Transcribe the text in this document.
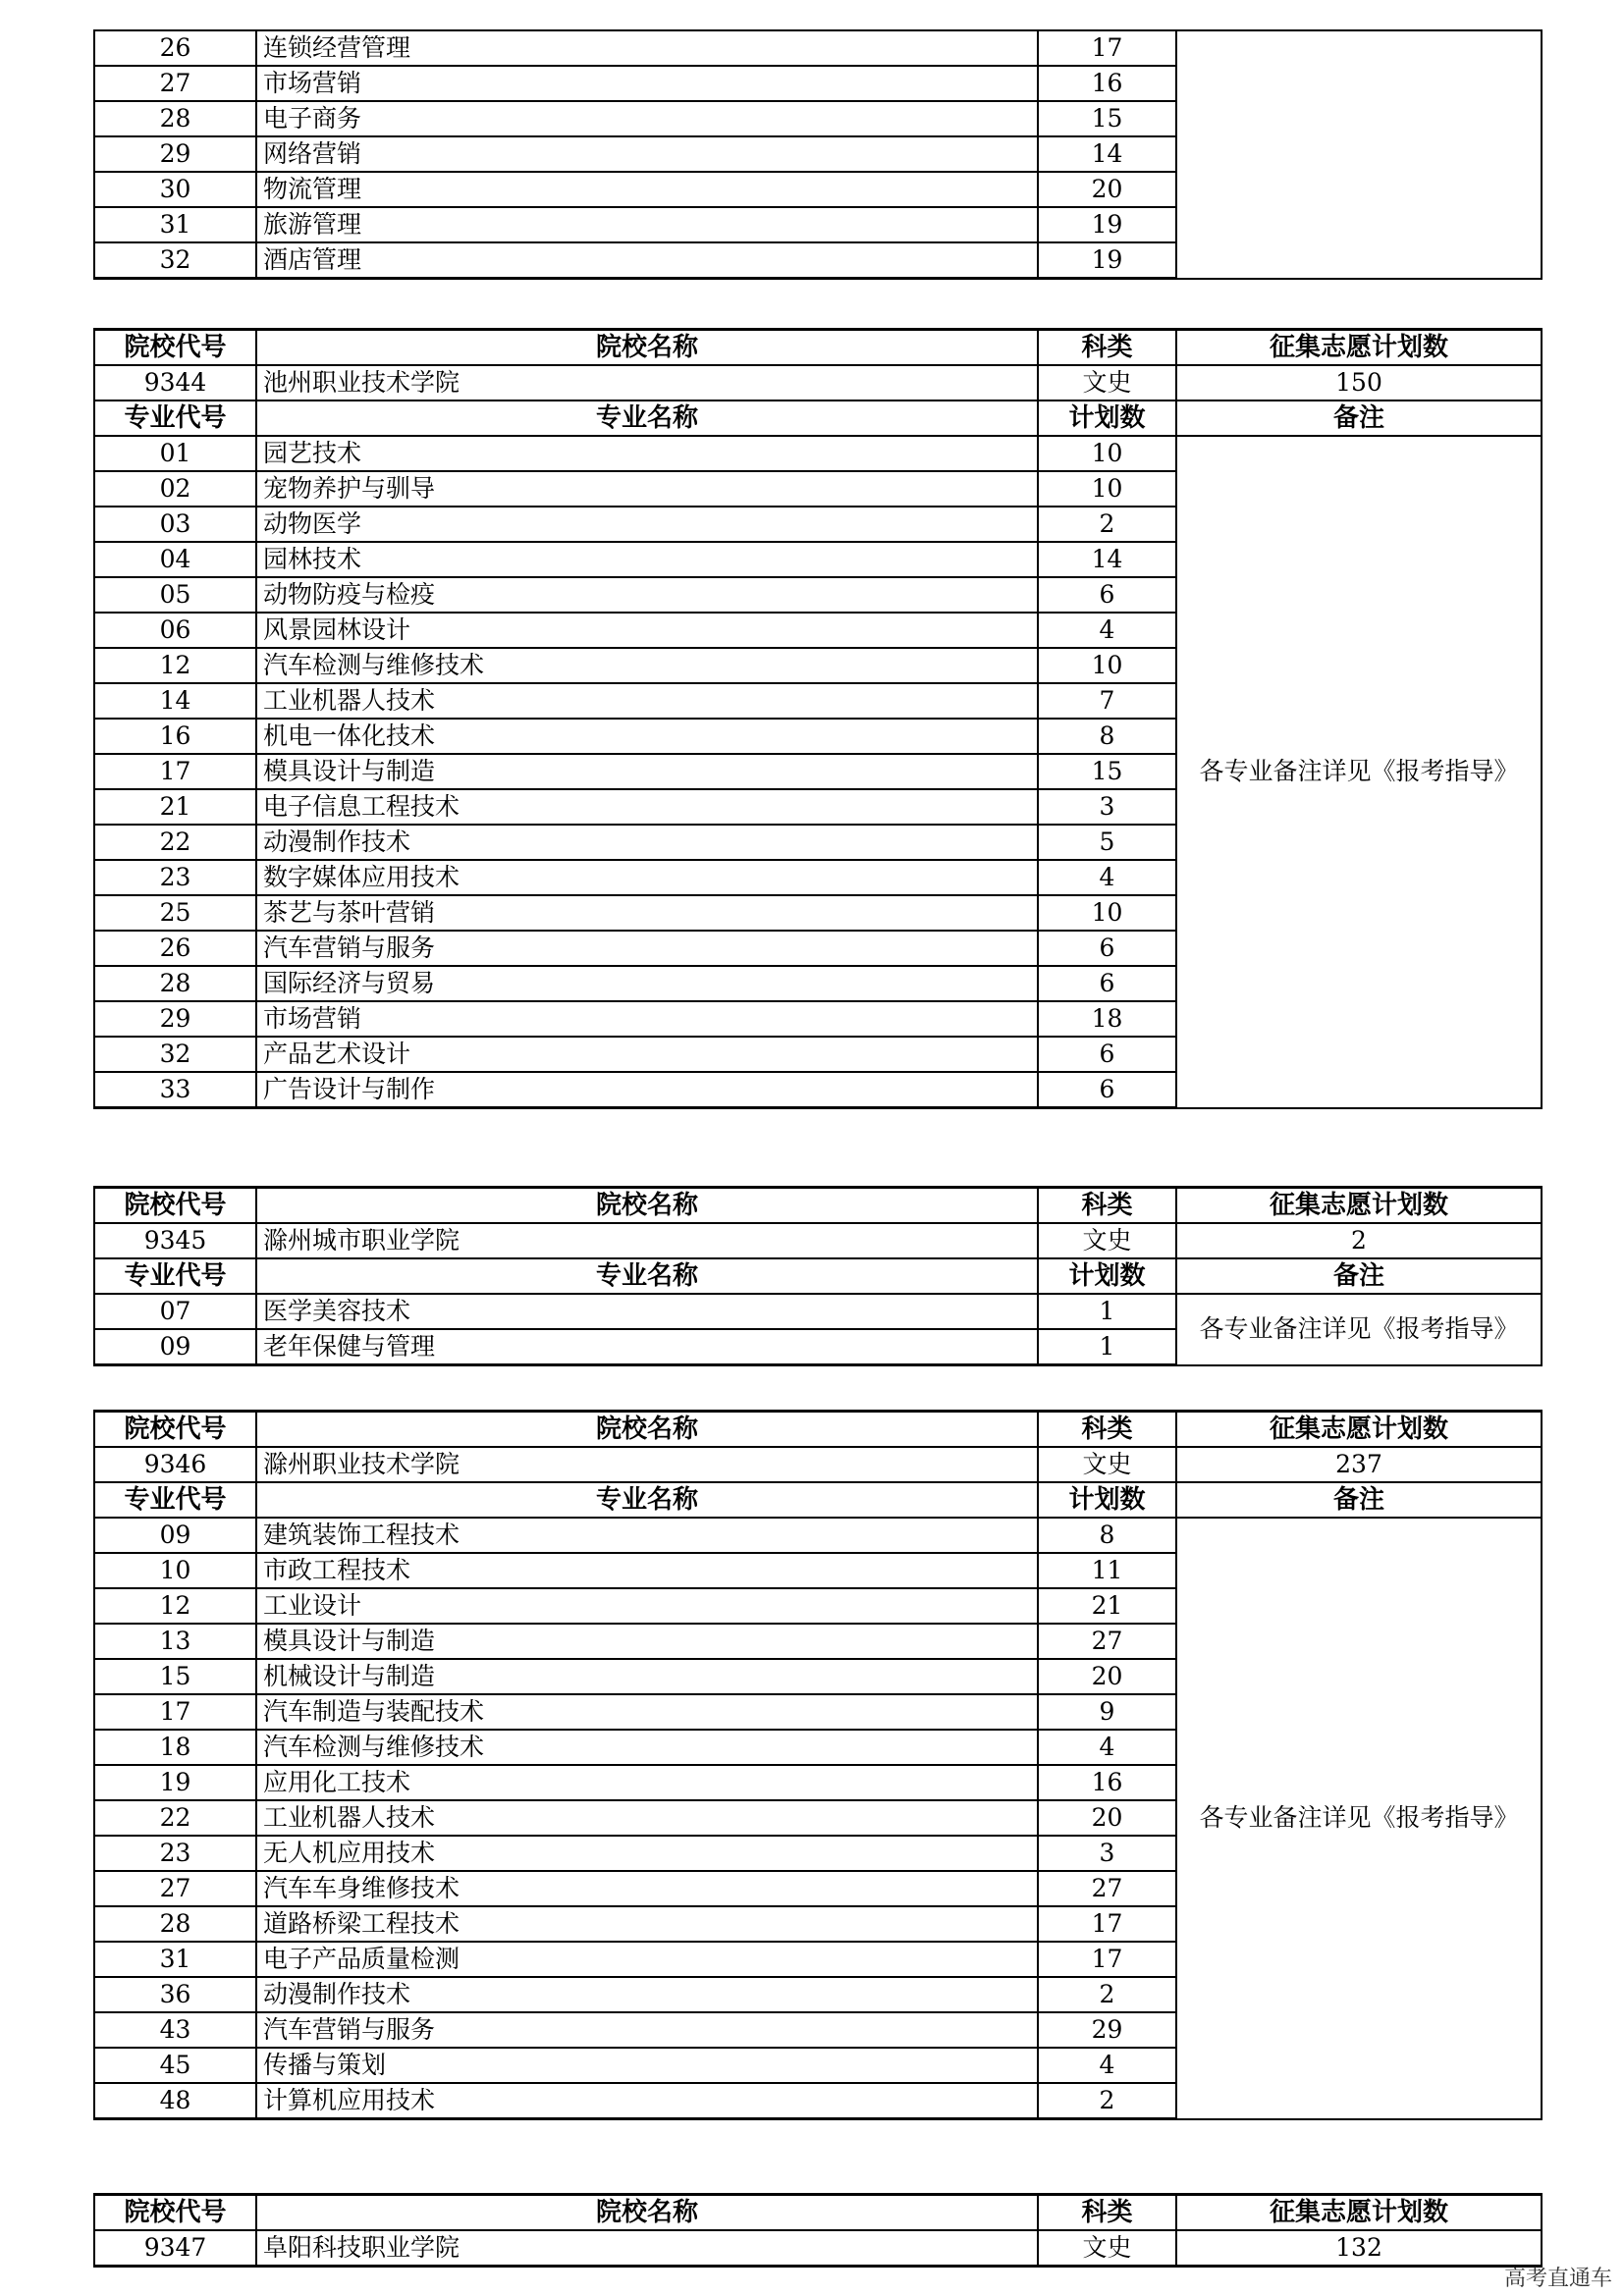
26	连锁经营管理	17	
27	市场营销	16	
28	电子商务	15	
29	网络营销	14	
30	物流管理	20	
31	旅游管理	19	
32	酒店管理	19	
院校代号	院校名称	科类	征集志愿计划数
9344	池州职业技术学院	文史	150
专业代号	专业名称	计划数	备注
01	园艺技术	10	各专业备注详见《报考指导》
02	宠物养护与驯导	10	
03	动物医学	2	
04	园林技术	14	
05	动物防疫与检疫	6	
06	风景园林设计	4	
12	汽车检测与维修技术	10	
14	工业机器人技术	7	
16	机电一体化技术	8	
17	模具设计与制造	15	
21	电子信息工程技术	3	
22	动漫制作技术	5	
23	数字媒体应用技术	4	
25	茶艺与茶叶营销	10	
26	汽车营销与服务	6	
28	国际经济与贸易	6	
29	市场营销	18	
32	产品艺术设计	6	
33	广告设计与制作	6	
院校代号	院校名称	科类	征集志愿计划数
9345	滁州城市职业学院	文史	2
专业代号	专业名称	计划数	备注
07	医学美容技术	1	各专业备注详见《报考指导》
09	老年保健与管理	1	
院校代号	院校名称	科类	征集志愿计划数
9346	滁州职业技术学院	文史	237
专业代号	专业名称	计划数	备注
09	建筑装饰工程技术	8	各专业备注详见《报考指导》
10	市政工程技术	11	
12	工业设计	21	
13	模具设计与制造	27	
15	机械设计与制造	20	
17	汽车制造与装配技术	9	
18	汽车检测与维修技术	4	
19	应用化工技术	16	
22	工业机器人技术	20	
23	无人机应用技术	3	
27	汽车车身维修技术	27	
28	道路桥梁工程技术	17	
31	电子产品质量检测	17	
36	动漫制作技术	2	
43	汽车营销与服务	29	
45	传播与策划	4	
48	计算机应用技术	2	
院校代号	院校名称	科类	征集志愿计划数
9347	阜阳科技职业学院	文史	132
高考直通车
